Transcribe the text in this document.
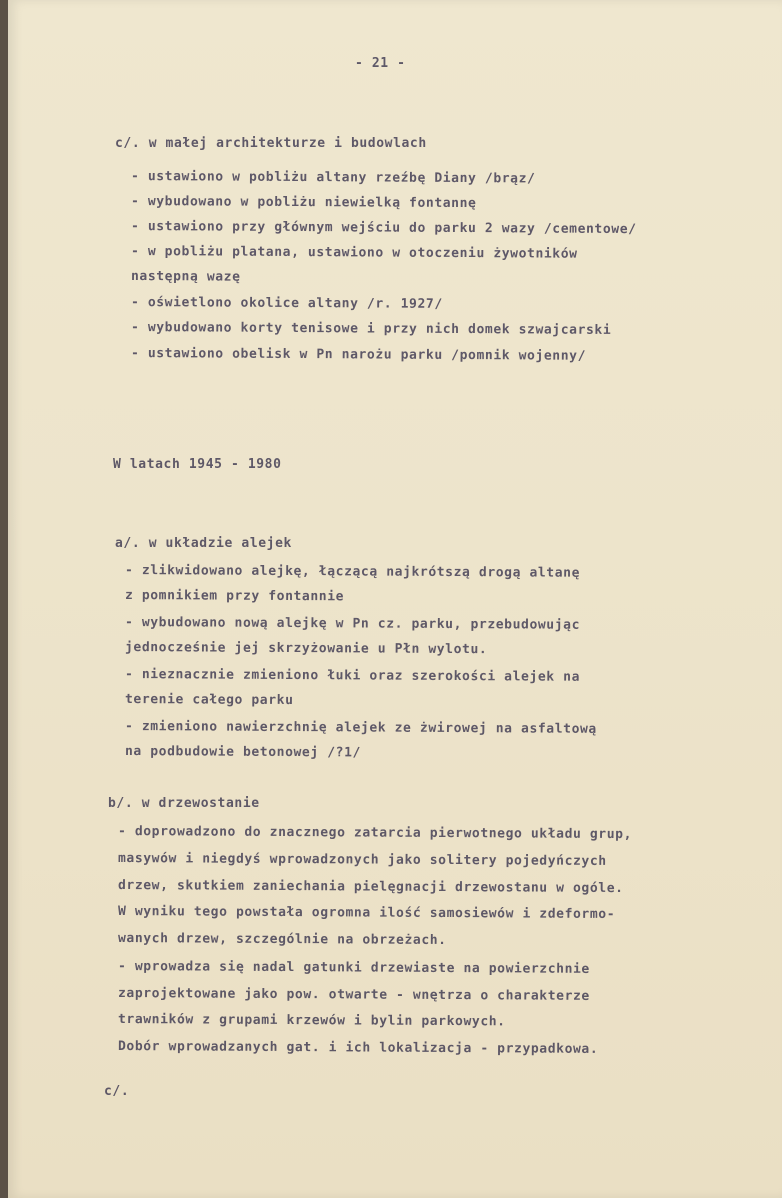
- 21 -
c/. w małej architekturze i budowlach
- ustawiono w pobliżu altany rzeźbę Diany /brąz/
- wybudowano w pobliżu niewielką fontannę
- ustawiono przy głównym wejściu do parku 2 wazy /cementowe/
- w pobliżu platana, ustawiono w otoczeniu żywotników
następną wazę
- oświetlono okolice altany /r. 1927/
- wybudowano korty tenisowe i przy nich domek szwajcarski
- ustawiono obelisk w Pn narożu parku /pomnik wojenny/
W latach 1945 - 1980
a/. w układzie alejek
- zlikwidowano alejkę, łączącą najkrótszą drogą altanę
z pomnikiem przy fontannie
- wybudowano nową alejkę w Pn cz. parku, przebudowując
jednocześnie jej skrzyżowanie u Płn wylotu.
- nieznacznie zmieniono łuki oraz szerokości alejek na
terenie całego parku
- zmieniono nawierzchnię alejek ze żwirowej na asfaltową
na podbudowie betonowej /?1/
b/. w drzewostanie
- doprowadzono do znacznego zatarcia pierwotnego układu grup,
masywów i niegdyś wprowadzonych jako solitery pojedyńczych
drzew, skutkiem zaniechania pielęgnacji drzewostanu w ogóle.
W wyniku tego powstała ogromna ilość samosiewów i zdeformo-
wanych drzew, szczególnie na obrzeżach.
- wprowadza się nadal gatunki drzewiaste na powierzchnie
zaprojektowane jako pow. otwarte - wnętrza o charakterze
trawników z grupami krzewów i bylin parkowych.
Dobór wprowadzanych gat. i ich lokalizacja - przypadkowa.
c/.
